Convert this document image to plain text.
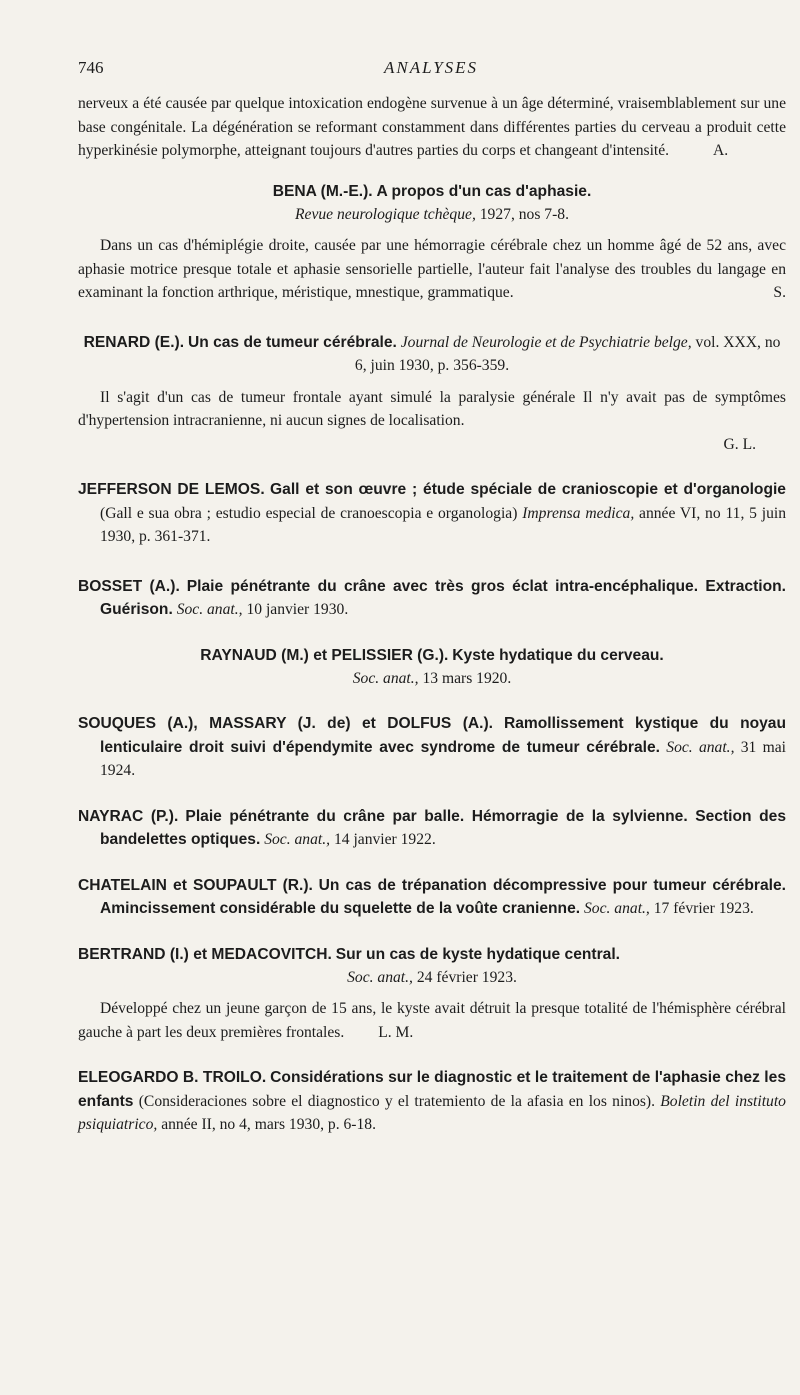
746	ANALYSES

nerveux a été causée par quelque intoxication endogène survenue à un âge déterminé, vraisemblablement sur une base congénitale. La dégénération se reformant constamment dans différentes parties du cerveau a produit cette hyperkinésie polymorphe, atteignant toujours d'autres parties du corps et changeant d'intensité.	A.

BENA (M.-E.). A propos d'un cas d'aphasie.

Revue neurologique tchèque, 1927, nos 7-8.

Dans un cas d'hémiplégie droite, causée par une hémorragie cérébrale chez un homme âgé de 52 ans, avec aphasie motrice presque totale et aphasie sensorielle partielle, l'auteur fait l'analyse des troubles du langage en examinant la fonction arthrique, méristique, mnestique, grammatique.	S.

RENARD (E.). Un cas de tumeur cérébrale. Journal de Neurologie et de Psychiatrie belge, vol. XXX, no 6, juin 1930, p. 356-359.

Il s'agit d'un cas de tumeur frontale ayant simulé la paralysie générale Il n'y avait pas de symptômes d'hypertension intracranienne, ni aucun signes de localisation.

G. L.

JEFFERSON DE LEMOS. Gall et son œuvre ; étude spéciale de cranioscopie et d'organologie (Gall e sua obra ; estudio especial de cranoescopia e organologia) Imprensa medica, année VI, no 11, 5 juin 1930, p. 361-371.

BOSSET (A.). Plaie pénétrante du crâne avec très gros éclat intra-encéphalique. Extraction. Guérison. Soc. anat., 10 janvier 1930.

RAYNAUD (M.) et PELISSIER (G.). Kyste hydatique du cerveau.

Soc. anat., 13 mars 1920.

SOUQUES (A.), MASSARY (J. de) et DOLFUS (A.). Ramollissement kystique du noyau lenticulaire droit suivi d'épendymite avec syndrome de tumeur cérébrale. Soc. anat., 31 mai 1924.

NAYRAC (P.). Plaie pénétrante du crâne par balle. Hémorragie de la sylvienne. Section des bandelettes optiques. Soc. anat., 14 janvier 1922.

CHATELAIN et SOUPAULT (R.). Un cas de trépanation décompressive pour tumeur cérébrale. Amincissement considérable du squelette de la voûte cranienne. Soc. anat., 17 février 1923.

BERTRAND (I.) et MEDACOVITCH. Sur un cas de kyste hydatique central.

Soc. anat., 24 février 1923.

Développé chez un jeune garçon de 15 ans, le kyste avait détruit la presque totalité de l'hémisphère cérébral gauche à part les deux premières frontales. L. M.

ELEOGARDO B. TROILO. Considérations sur le diagnostic et le traitement de l'aphasie chez les enfants (Consideraciones sobre el diagnostico y el tratemiento de la afasia en los ninos). Boletin del instituto psiquiatrico, année II, no 4, mars 1930, p. 6-18.
